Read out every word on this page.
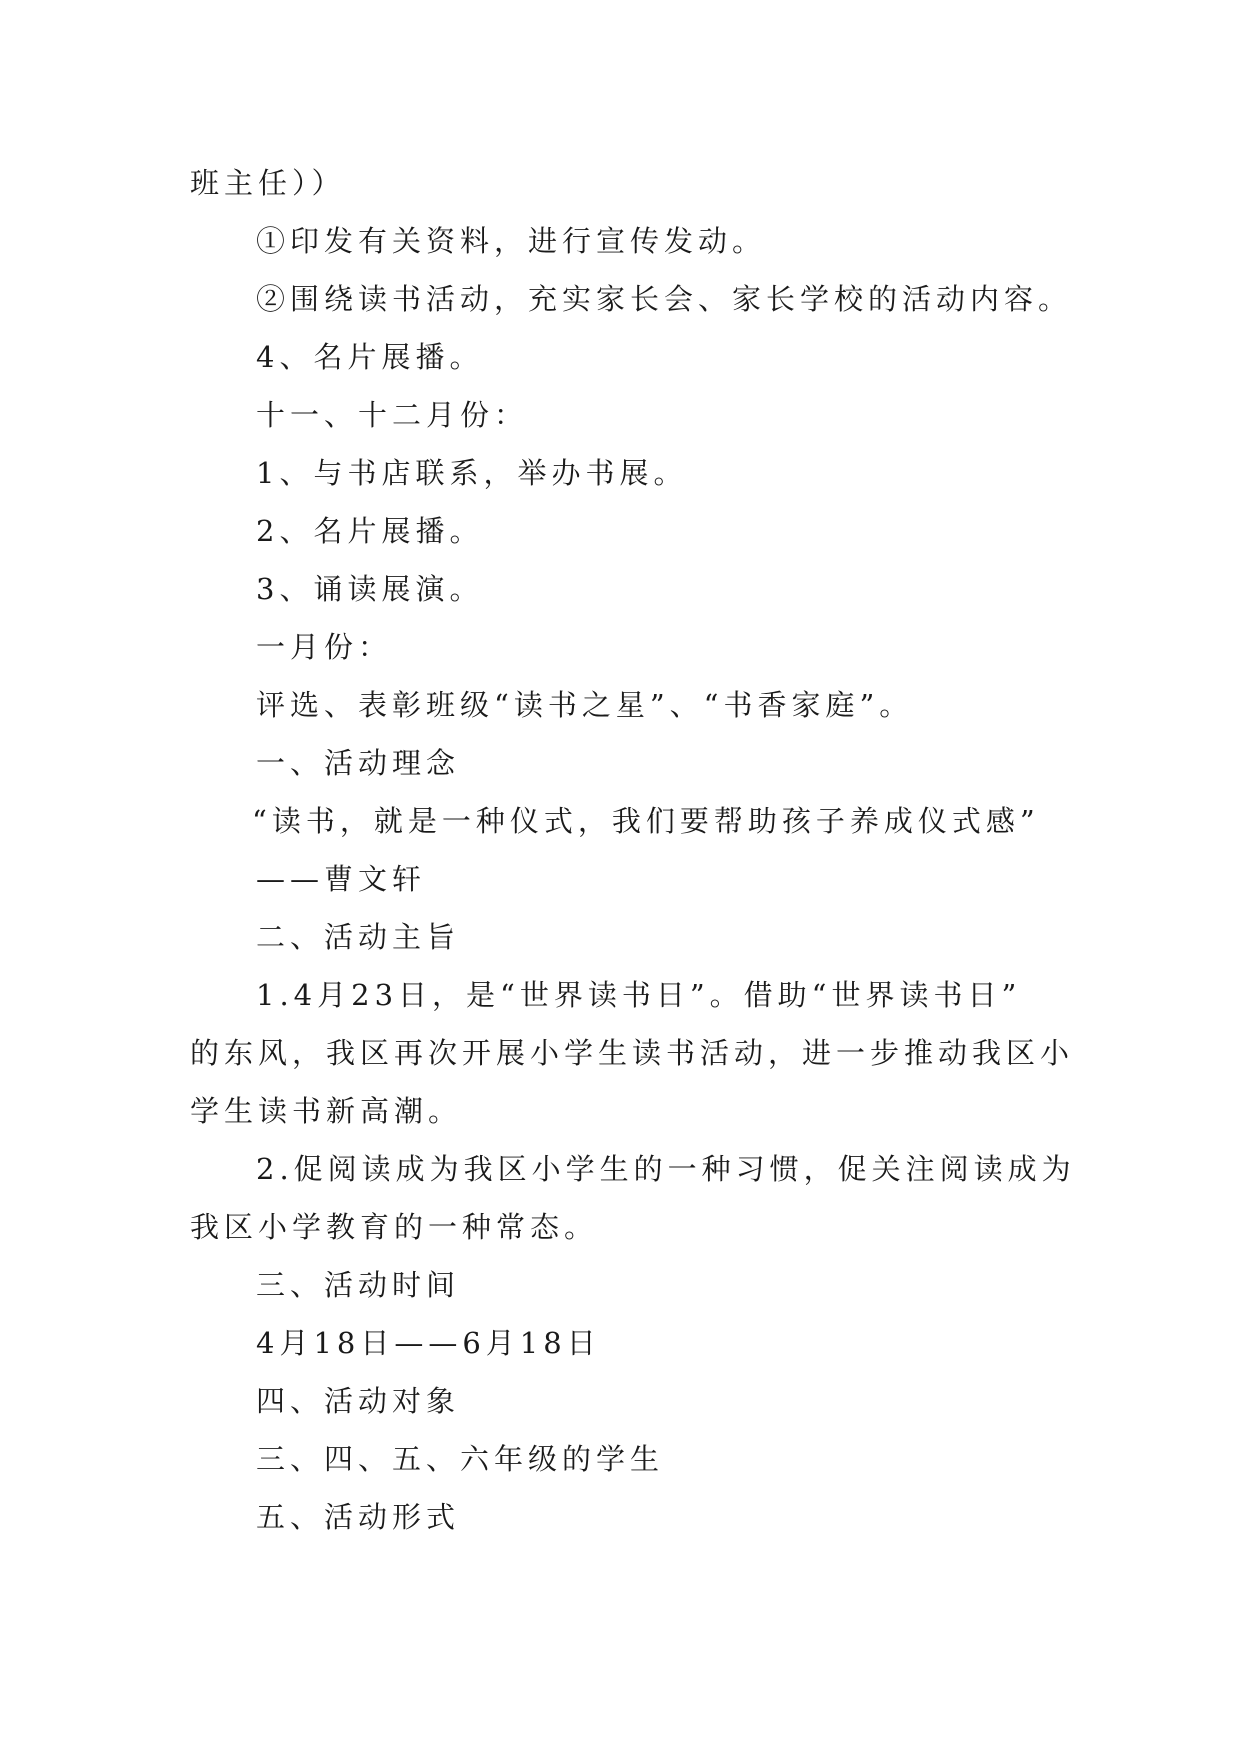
班主任））
①印发有关资料，进行宣传发动。
②围绕读书活动，充实家长会、家长学校的活动内容。
4、名片展播。
十一、十二月份：
1、与书店联系，举办书展。
2、名片展播。
3、诵读展演。
一月份：
评选、表彰班级“读书之星”、“书香家庭”。
一、活动理念
“读书，就是一种仪式，我们要帮助孩子养成仪式感”
——曹文轩
二、活动主旨
1.4月23日，是“世界读书日”。借助“世界读书日”
的东风，我区再次开展小学生读书活动，进一步推动我区小
学生读书新高潮。
2.促阅读成为我区小学生的一种习惯，促关注阅读成为
我区小学教育的一种常态。
三、活动时间
4月18日——6月18日
四、活动对象
三、四、五、六年级的学生
五、活动形式
